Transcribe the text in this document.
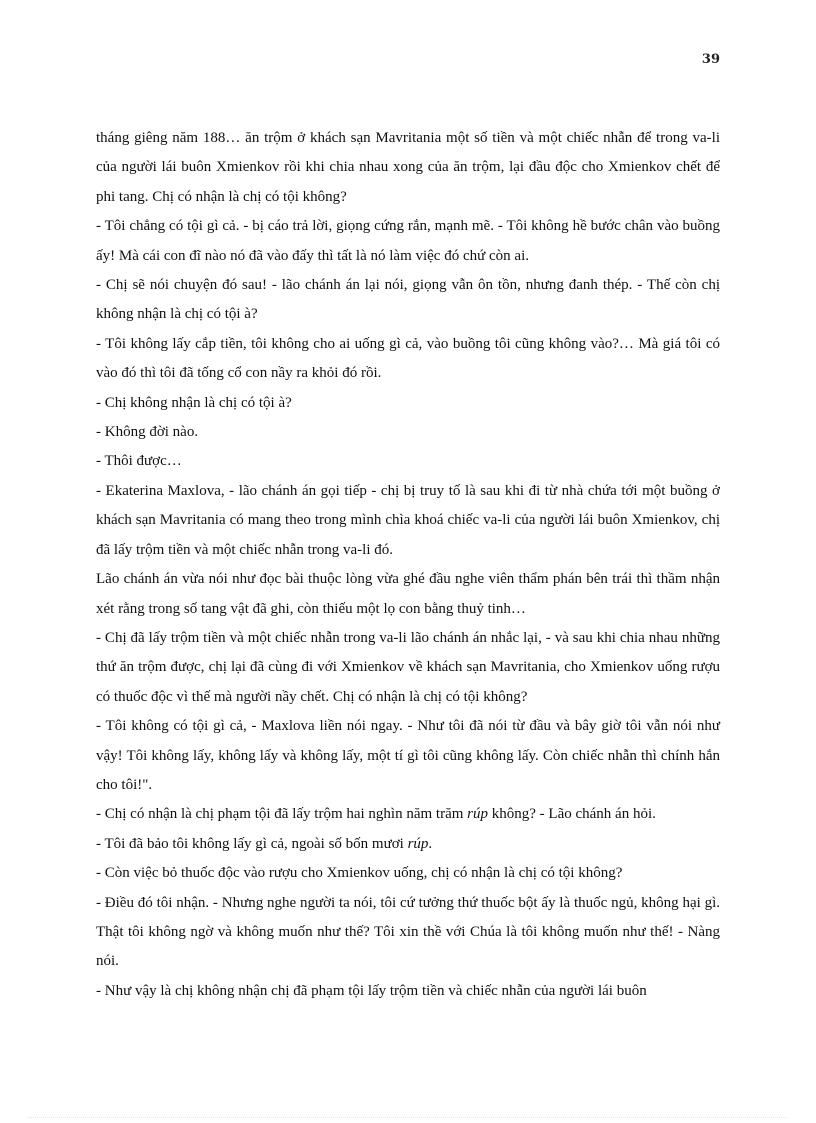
39

tháng giêng năm 188… ăn trộm ở khách sạn Mavritania một số tiền và một chiếc nhẫn để trong va-li của người lái buôn Xmienkov rồi khi chia nhau xong của ăn trộm, lại đầu độc cho Xmienkov chết để phi tang. Chị có nhận là chị có tội không?

- Tôi chẳng có tội gì cả. - bị cáo trả lời, giọng cứng rắn, mạnh mẽ. - Tôi không hề bước chân vào buồng ấy! Mà cái con đĩ nào nó đã vào đấy thì tất là nó làm việc đó chứ còn ai.

- Chị sẽ nói chuyện đó sau! - lão chánh án lại nói, giọng vẫn ôn tồn, nhưng đanh thép. - Thế còn chị không nhận là chị có tội à?

- Tôi không lấy cắp tiền, tôi không cho ai uống gì cả, vào buồng tôi cũng không vào?… Mà giá tôi có vào đó thì tôi đã tống cổ con nầy ra khỏi đó rồi.

- Chị không nhận là chị có tội à?

- Không đời nào.

- Thôi được…

- Ekaterina Maxlova, - lão chánh án gọi tiếp - chị bị truy tố là sau khi đi từ nhà chứa tới một buồng ở khách sạn Mavritania có mang theo trong mình chìa khoá chiếc va-li của người lái buôn Xmienkov, chị đã lấy trộm tiền và một chiếc nhẫn trong va-li đó.

Lão chánh án vừa nói như đọc bài thuộc lòng vừa ghé đầu nghe viên thẩm phán bên trái thì thầm nhận xét rằng trong số tang vật đã ghi, còn thiếu một lọ con bằng thuỷ tinh…

- Chị đã lấy trộm tiền và một chiếc nhẫn trong va-li lão chánh án nhắc lại, - và sau khi chia nhau những thứ ăn trộm được, chị lại đã cùng đi với Xmienkov về khách sạn Mavritania, cho Xmienkov uống rượu có thuốc độc vì thế mà người nầy chết. Chị có nhận là chị có tội không?

- Tôi không có tội gì cả, - Maxlova liền nói ngay. - Như tôi đã nói từ đầu và bây giờ tôi vẫn nói như vậy! Tôi không lấy, không lấy và không lấy, một tí gì tôi cũng không lấy. Còn chiếc nhẫn thì chính hắn cho tôi!".

- Chị có nhận là chị phạm tội đã lấy trộm hai nghìn năm trăm rúp không? - Lão chánh án hỏi.

- Tôi đã bảo tôi không lấy gì cả, ngoài số bốn mươi rúp.

- Còn việc bỏ thuốc độc vào rượu cho Xmienkov uống, chị có nhận là chị có tội không?

- Điều đó tôi nhận. - Nhưng nghe người ta nói, tôi cứ tưởng thứ thuốc bột ấy là thuốc ngủ, không hại gì. Thật tôi không ngờ và không muốn như thế? Tôi xin thề với Chúa là tôi không muốn như thế! - Nàng nói.

- Như vậy là chị không nhận chị đã phạm tội lấy trộm tiền và chiếc nhẫn của người lái buôn
